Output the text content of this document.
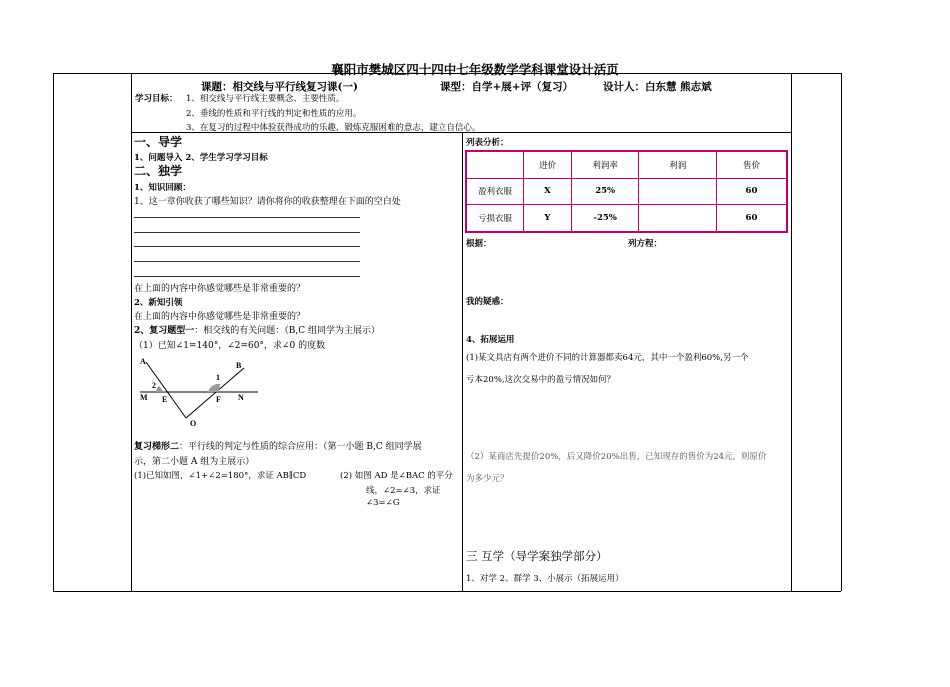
襄阳市樊城区四十四中七年级数学学科课堂设计活页
课题：相交线与平行线复习课(一)	课型：自学+展+评（复习）	设计人：白东慧 熊志斌
学习目标： 1、相交线与平行线主要概念、主要性质。
2、垂线的性质和平行线的判定和性质的应用。
3、在复习的过程中体验获得成功的乐趣，锻炼克服困难的意志，建立自信心。
一、导学
1、问题导入 2、学生学习学习目标
二、独学
1、知识回顾：
1、这一章你收获了哪些知识？请你将你的收获整理在下面的空白处
在上面的内容中你感觉哪些是非常重要的？
2、新知引领
在上面的内容中你感觉哪些是非常重要的？
2、复习题型一：相交线的有关问题：（B,C 组同学为主展示）
（1）已知∠1=140°，∠2=60°，求∠0 的度数
A	B
M E	F N
O
1
2
复习梯形二：平行线的判定与性质的综合应用：（第一小题 B,C 组同学展
示，第二小题 A 组为主展示）
(1)已知如图，∠1+∠2=180°，求证 AB∥CD	(2) 如图 AD 是∠BAC 的平分
线，∠2=∠3，求证
∠3=∠G
列表分析：
	进价	利润率	利润	售价
盈利衣服	X	25%		60
亏损衣服	Y	-25%		60
根据：	列方程：
我的疑惑：
4、拓展运用
(1)某文具店有两个进价不同的计算器都卖64元，其中一个盈利60%,另一个
亏本20%,这次交易中的盈亏情况如何？
（2）某商店先提价20%，后又降价20%出售，已知现存的售价为24元，则原价
为多少元？
三 互学（导学案独学部分）
1、对学 2、群学 3、小展示（拓展运用）
